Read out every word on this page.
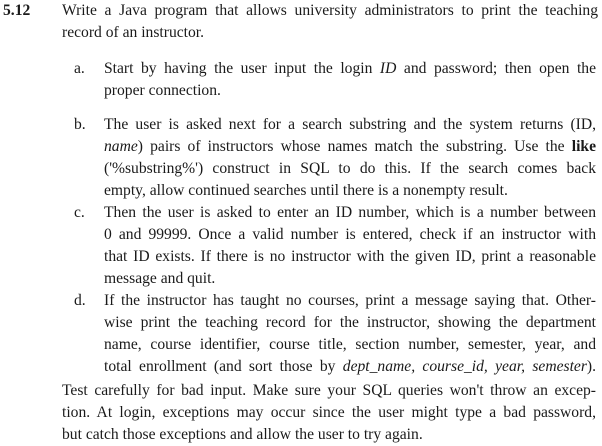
5.12 Write a Java program that allows university administrators to print the teaching
record of an instructor.
a. Start by having the user input the login ID and password; then open the
proper connection.
b. The user is asked next for a search substring and the system returns (ID,
name) pairs of instructors whose names match the substring. Use the like
('%substring%') construct in SQL to do this. If the search comes back
empty, allow continued searches until there is a nonempty result.
c. Then the user is asked to enter an ID number, which is a number between
0 and 99999. Once a valid number is entered, check if an instructor with
that ID exists. If there is no instructor with the given ID, print a reasonable
message and quit.
d. If the instructor has taught no courses, print a message saying that. Other-
wise print the teaching record for the instructor, showing the department
name, course identifier, course title, section number, semester, year, and
total enrollment (and sort those by dept_name, course_id, year, semester).
Test carefully for bad input. Make sure your SQL queries won't throw an excep-
tion. At login, exceptions may occur since the user might type a bad password,
but catch those exceptions and allow the user to try again.
